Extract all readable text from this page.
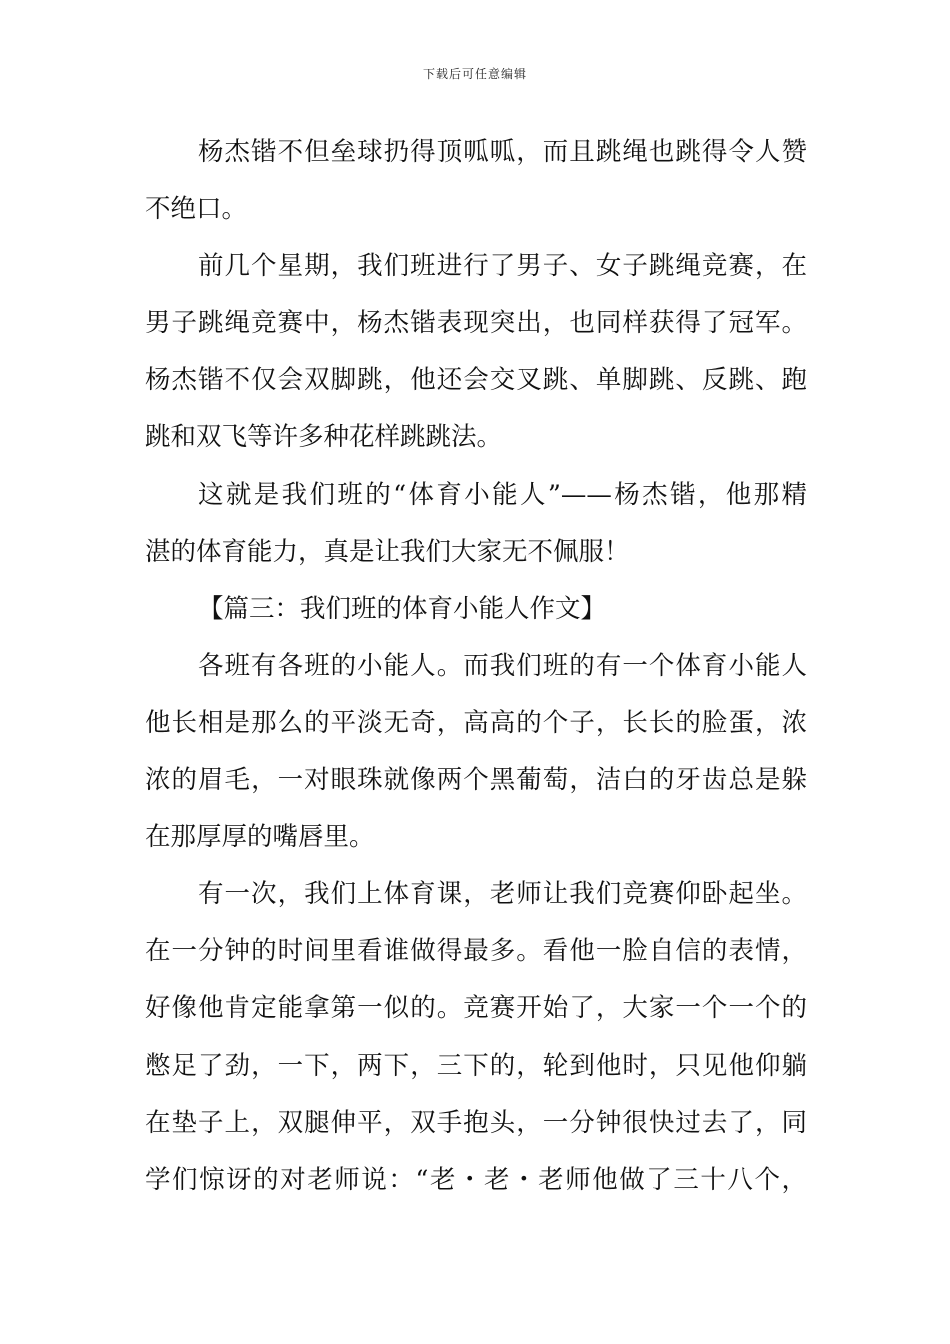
下载后可任意编辑
杨杰锴不但垒球扔得顶呱呱，而且跳绳也跳得令人赞
不绝口。
前几个星期，我们班进行了男子、女子跳绳竞赛，在
男子跳绳竞赛中，杨杰锴表现突出，也同样获得了冠军。
杨杰锴不仅会双脚跳，他还会交叉跳、单脚跳、反跳、跑
跳和双飞等许多种花样跳跳法。
这就是我们班的“体育小能人”——杨杰锴，他那精
湛的体育能力，真是让我们大家无不佩服！
【篇三：我们班的体育小能人作文】
各班有各班的小能人。而我们班的有一个体育小能人
他长相是那么的平淡无奇，高高的个子，长长的脸蛋，浓
浓的眉毛，一对眼珠就像两个黑葡萄，洁白的牙齿总是躲
在那厚厚的嘴唇里。
有一次，我们上体育课，老师让我们竞赛仰卧起坐。
在一分钟的时间里看谁做得最多。看他一脸自信的表情，
好像他肯定能拿第一似的。竞赛开始了，大家一个一个的
憋足了劲，一下，两下，三下的，轮到他时，只见他仰躺
在垫子上，双腿伸平，双手抱头，一分钟很快过去了，同
学们惊讶的对老师说：“老・老・老师他做了三十八个，
